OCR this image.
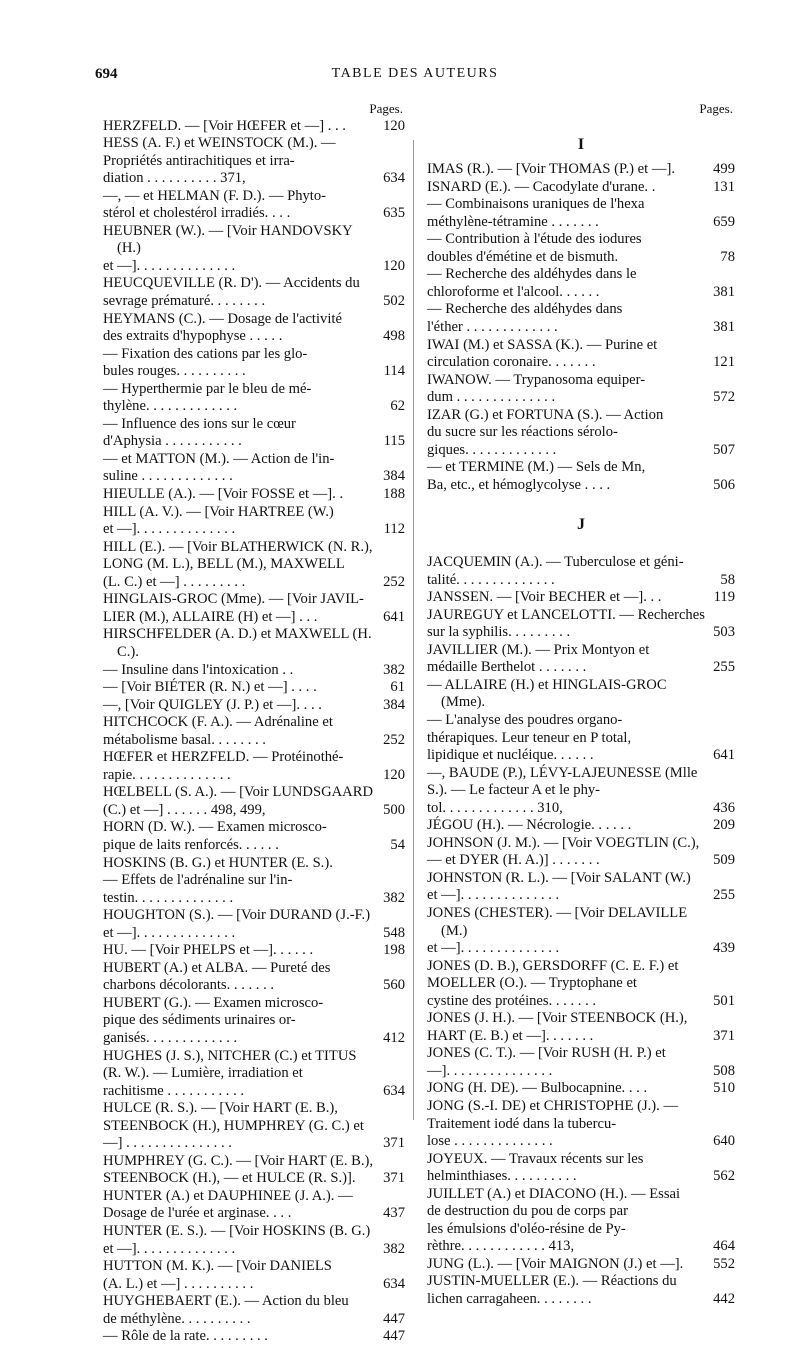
694	TABLE DES AUTEURS
Pages.
HERZFELD. — [Voir HŒFER et —] . . .	120
HESS (A. F.) et WEINSTOCK (M.). —
Propriétés antirachitiques et irra-
diation . . . . . . . . . . 371,	634
—, — et HELMAN (F. D.). — Phyto-
stérol et cholestérol irradiés. . . .	635
HEUBNER (W.). — [Voir HANDOVSKY (H.)
et —]. . . . . . . . . . . . . .	120
HEUCQUEVILLE (R. D'). — Accidents du
sevrage prématuré. . . . . . . .	502
HEYMANS (C.). — Dosage de l'activité
des extraits d'hypophyse . . . . .	498
— Fixation des cations par les glo-
bules rouges. . . . . . . . . .	114
— Hyperthermie par le bleu de mé-
thylène. . . . . . . . . . . . .	62
— Influence des ions sur le cœur
d'Aphysia . . . . . . . . . . .	115
— et MATTON (M.). — Action de l'in-
suline . . . . . . . . . . . . .	384
HIEULLE (A.). — [Voir FOSSE et —]. .	188
HILL (A. V.). — [Voir HARTREE (W.)
et —]. . . . . . . . . . . . . .	112
HILL (E.). — [Voir BLATHERWICK (N. R.),
LONG (M. L.), BELL (M.), MAXWELL
(L. C.) et —] . . . . . . . . .	252
HINGLAIS-GROC (Mme). — [Voir JAVIL-
LIER (M.), ALLAIRE (H) et —] . . .	641
HIRSCHFELDER (A. D.) et MAXWELL (H. C.).
— Insuline dans l'intoxication . .	382
— [Voir BIÉTER (R. N.) et —] . . . .	61
—, [Voir QUIGLEY (J. P.) et —]. . . .	384
HITCHCOCK (F. A.). — Adrénaline et
métabolisme basal. . . . . . . .	252
HŒFER et HERZFELD. — Protéinothé-
rapie. . . . . . . . . . . . . .	120
HŒLBELL (S. A.). — [Voir LUNDSGAARD
(C.) et —] . . . . . . 498, 499,	500
HORN (D. W.). — Examen microsco-
pique de laits renforcés. . . . . .	54
HOSKINS (B. G.) et HUNTER (E. S.).
— Effets de l'adrénaline sur l'in-
testin. . . . . . . . . . . . . .	382
HOUGHTON (S.). — [Voir DURAND (J.-F.)
et —]. . . . . . . . . . . . . .	548
HU. — [Voir PHELPS et —]. . . . . .	198
HUBERT (A.) et ALBA. — Pureté des
charbons décolorants. . . . . . .	560
HUBERT (G.). — Examen microsco-
pique des sédiments urinaires or-
ganisés. . . . . . . . . . . . .	412
HUGHES (J. S.), NITCHER (C.) et TITUS
(R. W.). — Lumière, irradiation et
rachitisme . . . . . . . . . . .	634
HULCE (R. S.). — [Voir HART (E. B.),
STEENBOCK (H.), HUMPHREY (G. C.) et
—] . . . . . . . . . . . . . . .	371
HUMPHREY (G. C.). — [Voir HART (E. B.),
STEENBOCK (H.), — et HULCE (R. S.)].	371
HUNTER (A.) et DAUPHINEE (J. A.). —
Dosage de l'urée et arginase. . . .	437
HUNTER (E. S.). — [Voir HOSKINS (B. G.)
et —]. . . . . . . . . . . . . .	382
HUTTON (M. K.). — [Voir DANIELS
(A. L.) et —] . . . . . . . . . .	634
HUYGHEBAERT (E.). — Action du bleu
de méthylène. . . . . . . . . .	447
— Rôle de la rate. . . . . . . . .	447
Pages.
I
IMAS (R.). — [Voir THOMAS (P.) et —].	499
ISNARD (E.). — Cacodylate d'urane. .	131
— Combinaisons uraniques de l'hexa
méthylène-tétramine . . . . . . .	659
— Contribution à l'étude des iodures
doubles d'émétine et de bismuth.	78
— Recherche des aldéhydes dans le
chloroforme et l'alcool. . . . . .	381
— Recherche des aldéhydes dans
l'éther . . . . . . . . . . . . .	381
IWAI (M.) et SASSA (K.). — Purine et
circulation coronaire. . . . . . .	121
IWANOW. — Trypanosoma equiper-
dum . . . . . . . . . . . . . .	572
IZAR (G.) et FORTUNA (S.). — Action
du sucre sur les réactions sérolo-
giques. . . . . . . . . . . . .	507
— et TERMINE (M.) — Sels de Mn,
Ba, etc., et hémoglycolyse . . . .	506
J
JACQUEMIN (A.). — Tuberculose et géni-
talité. . . . . . . . . . . . . .	58
JANSSEN. — [Voir BECHER et —]. . .	119
JAUREGUY et LANCELOTTI. — Recherches
sur la syphilis. . . . . . . . .	503
JAVILLIER (M.). — Prix Montyon et
médaille Berthelot . . . . . . .	255
— ALLAIRE (H.) et HINGLAIS-GROC (Mme).
— L'analyse des poudres organo-
thérapiques. Leur teneur en P total,
lipidique et nucléique. . . . . .	641
—, BAUDE (P.), LÉVY-LAJEUNESSE (Mlle
S.). — Le facteur A et le phy-
tol. . . . . . . . . . . . . 310,	436
JÉGOU (H.). — Nécrologie. . . . . .	209
JOHNSON (J. M.). — [Voir VOEGTLIN (C.),
— et DYER (H. A.)] . . . . . . .	509
JOHNSTON (R. L.). — [Voir SALANT (W.)
et —]. . . . . . . . . . . . . .	255
JONES (CHESTER). — [Voir DELAVILLE (M.)
et —]. . . . . . . . . . . . . .	439
JONES (D. B.), GERSDORFF (C. E. F.) et
MOELLER (O.). — Tryptophane et
cystine des protéines. . . . . . .	501
JONES (J. H.). — [Voir STEENBOCK (H.),
HART (E. B.) et —]. . . . . . .	371
JONES (C. T.). — [Voir RUSH (H. P.) et
—]. . . . . . . . . . . . . . .	508
JONG (H. DE). — Bulbocapnine. . . .	510
JONG (S.-I. DE) et CHRISTOPHE (J.). —
Traitement iodé dans la tubercu-
lose . . . . . . . . . . . . . .	640
JOYEUX. — Travaux récents sur les
helminthiases. . . . . . . . . .	562
JUILLET (A.) et DIACONO (H.). — Essai
de destruction du pou de corps par
les émulsions d'oléo-résine de Py-
rèthre. . . . . . . . . . . . 413,	464
JUNG (L.). — [Voir MAIGNON (J.) et —].	552
JUSTIN-MUELLER (E.). — Réactions du
lichen carragaheen. . . . . . . .	442
